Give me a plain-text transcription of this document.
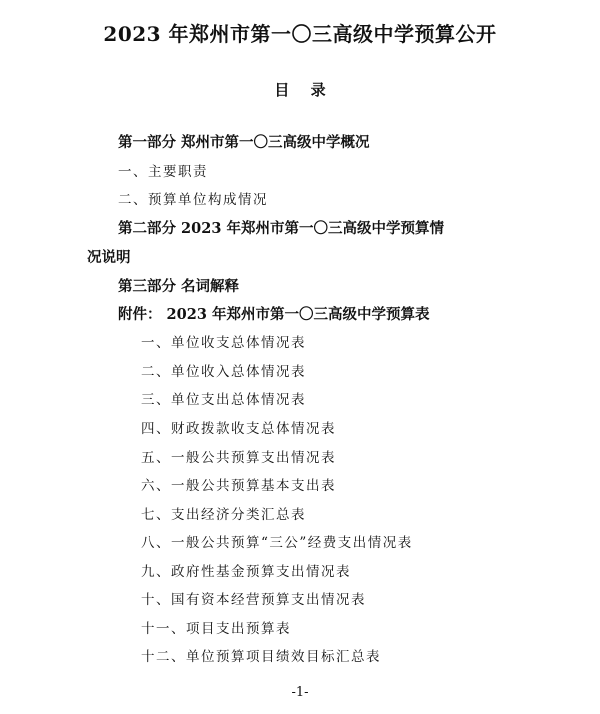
2023 年郑州市第一〇三高级中学预算公开
目 录
第一部分 郑州市第一〇三高级中学概况
一、主要职责
二、预算单位构成情况
第二部分 2023 年郑州市第一〇三高级中学预算情
况说明
第三部分 名词解释
附件： 2023 年郑州市第一〇三高级中学预算表
一、单位收支总体情况表
二、单位收入总体情况表
三、单位支出总体情况表
四、财政拨款收支总体情况表
五、一般公共预算支出情况表
六、一般公共预算基本支出表
七、支出经济分类汇总表
八、一般公共预算“三公”经费支出情况表
九、政府性基金预算支出情况表
十、国有资本经营预算支出情况表
十一、项目支出预算表
十二、单位预算项目绩效目标汇总表
-1-
